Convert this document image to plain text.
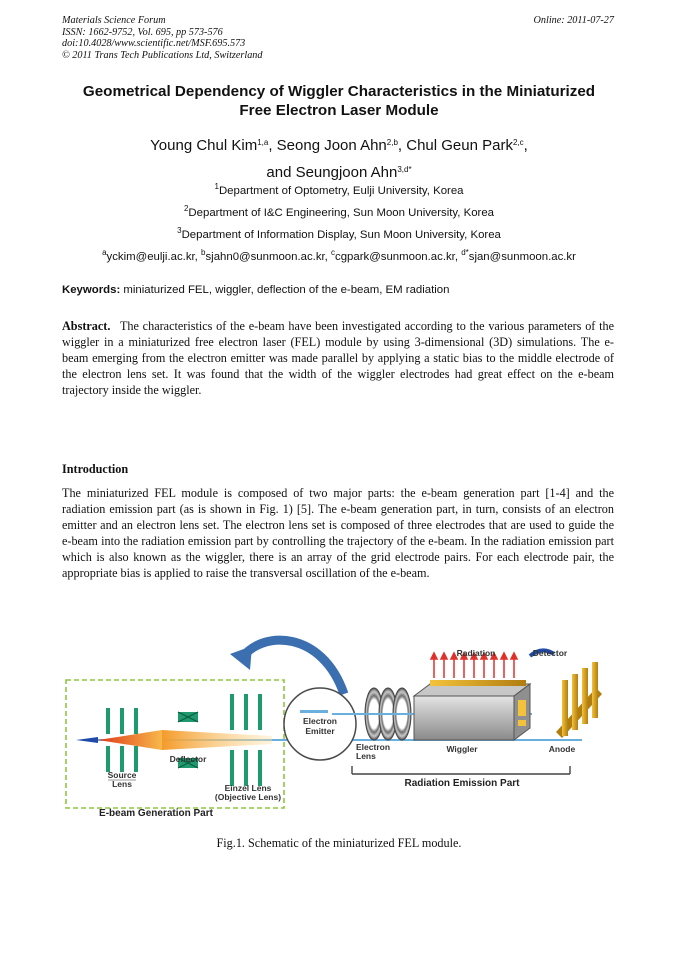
Materials Science Forum
ISSN: 1662-9752, Vol. 695, pp 573-576
doi:10.4028/www.scientific.net/MSF.695.573
© 2011 Trans Tech Publications Ltd, Switzerland
Online: 2011-07-27
Geometrical Dependency of Wiggler Characteristics in the Miniaturized
Free Electron Laser Module
Young Chul Kim$^{1,a}$, Seong Joon Ahn$^{2,b}$, Chul Geun Park$^{2,c}$,
and Seungjoon Ahn$^{3,d*}$
$^1$Department of Optometry, Eulji University, Korea
$^2$Department of I&C Engineering, Sun Moon University, Korea
$^3$Department of Information Display, Sun Moon University, Korea
$^a$yckim@eulji.ac.kr, $^b$sjahn0@sunmoon.ac.kr, $^c$cgpark@sunmoon.ac.kr, $^{d*}$sjan@sunmoon.ac.kr
Keywords: miniaturized FEL, wiggler, deflection of the e-beam, EM radiation
Abstract. The characteristics of the e-beam have been investigated according to the various parameters of the wiggler in a miniaturized free electron laser (FEL) module by using 3-dimensional (3D) simulations. The e-beam emerging from the electron emitter was made parallel by applying a static bias to the middle electrode of the electron lens set. It was found that the width of the wiggler electrodes had great effect on the e-beam trajectory inside the wiggler.
Introduction
The miniaturized FEL module is composed of two major parts: the e-beam generation part [1-4] and the radiation emission part (as is shown in Fig. 1) [5]. The e-beam generation part, in turn, consists of an electron emitter and an electron lens set. The electron lens set is composed of three electrodes that are used to guide the e-beam into the radiation emission part by controlling the trajectory of the e-beam. In the radiation emission part which is also known as the wiggler, there is an array of the grid electrode pairs. For each electrode pair, the appropriate bias is applied to raise the transversal oscillation of the e-beam.
Source
Lens
Deflector
Einzel Lens
(Objective Lens)
E-beam Generation Part
Electron
Emitter
Electron
Lens
Wiggler
Radiation	Detector
Anode
Radiation Emission Part
Fig.1. Schematic of the miniaturized FEL module.
